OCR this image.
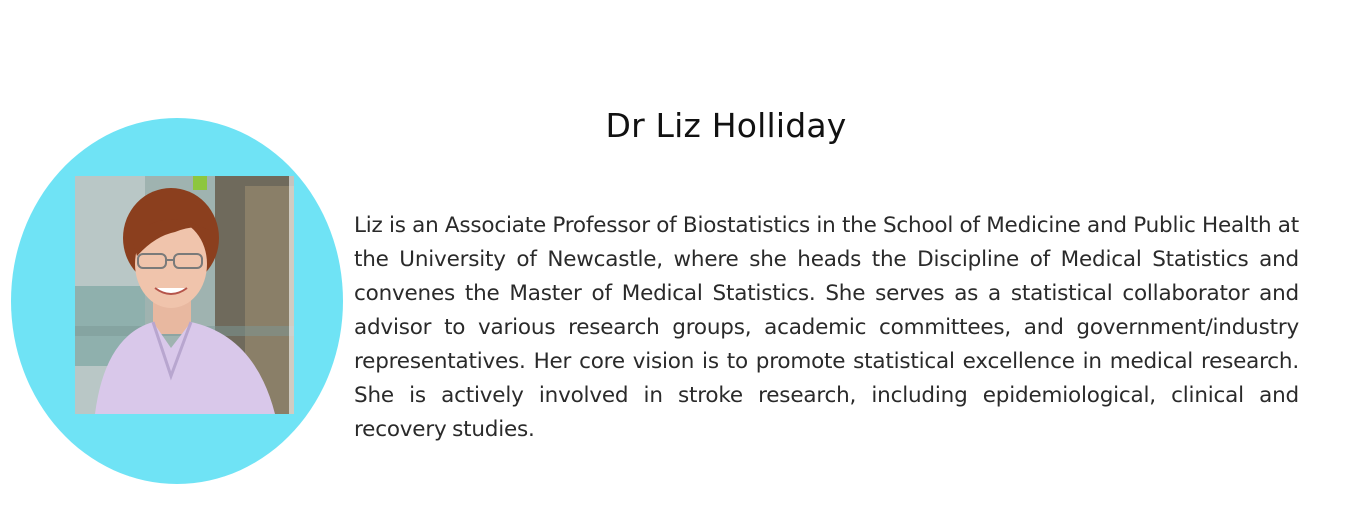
Dr Liz Holliday

Liz is an Associate Professor of Biostatistics in the School of Medicine and Public Health at the University of Newcastle, where she heads the Discipline of Medical Statistics and convenes the Master of Medical Statistics. She serves as a statistical collaborator and advisor to various research groups, academic committees, and government/industry representatives. Her core vision is to promote statistical excellence in medical research. She is actively involved in stroke research, including epidemiological, clinical and recovery studies.
